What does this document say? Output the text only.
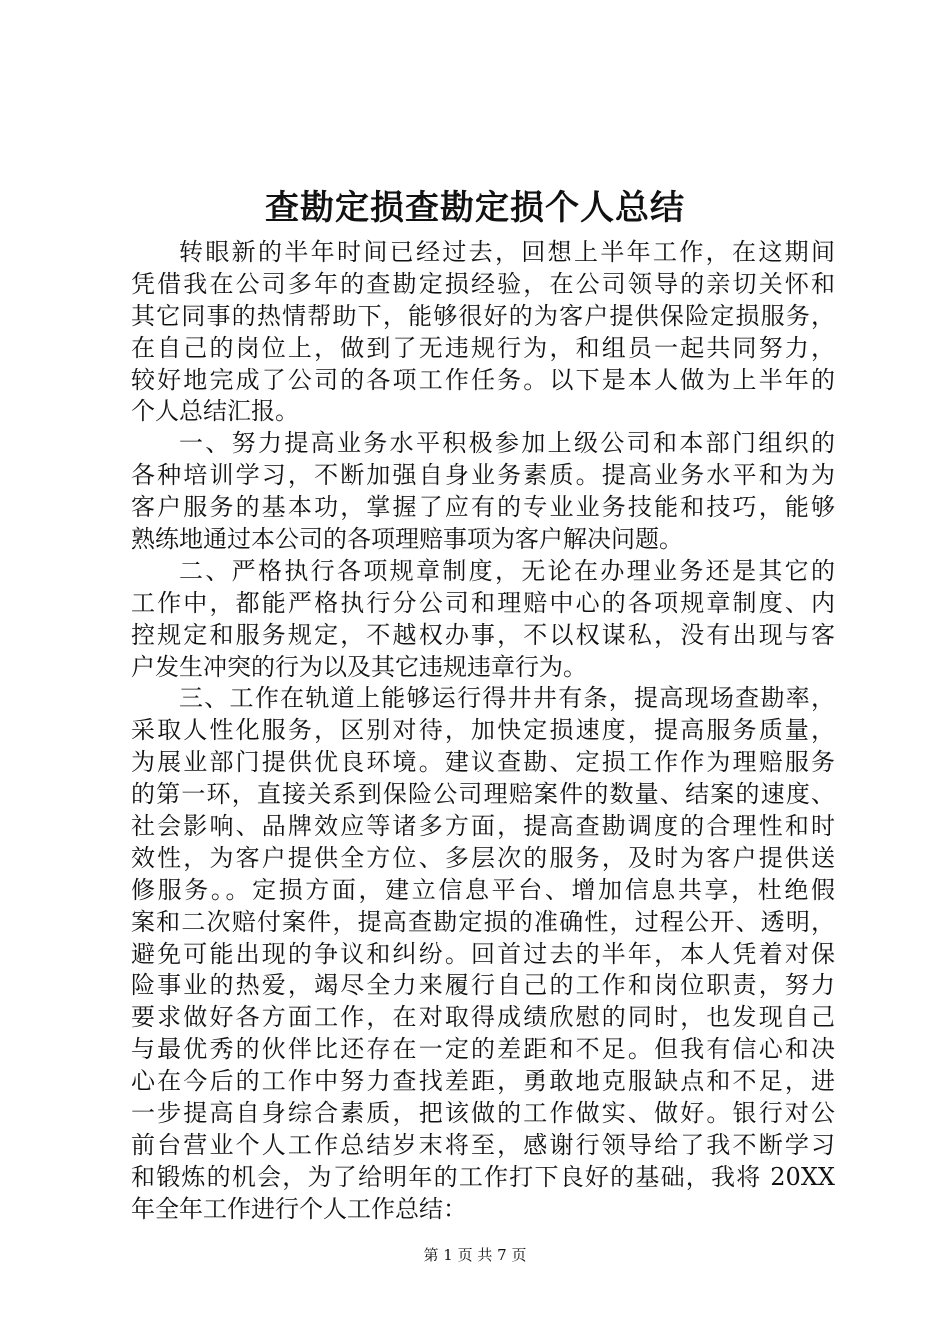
查勘定损查勘定损个人总结
转眼新的半年时间已经过去，回想上半年工作，在这期间
凭借我在公司多年的查勘定损经验，在公司领导的亲切关怀和
其它同事的热情帮助下，能够很好的为客户提供保险定损服务，
在自己的岗位上，做到了无违规行为，和组员一起共同努力，
较好地完成了公司的各项工作任务。以下是本人做为上半年的
个人总结汇报。
一、努力提高业务水平积极参加上级公司和本部门组织的
各种培训学习，不断加强自身业务素质。提高业务水平和为为
客户服务的基本功，掌握了应有的专业业务技能和技巧，能够
熟练地通过本公司的各项理赔事项为客户解决问题。
二、严格执行各项规章制度，无论在办理业务还是其它的
工作中，都能严格执行分公司和理赔中心的各项规章制度、内
控规定和服务规定，不越权办事，不以权谋私，没有出现与客
户发生冲突的行为以及其它违规违章行为。
三、工作在轨道上能够运行得井井有条，提高现场查勘率，
采取人性化服务，区别对待，加快定损速度，提高服务质量，
为展业部门提供优良环境。建议查勘、定损工作作为理赔服务
的第一环，直接关系到保险公司理赔案件的数量、结案的速度、
社会影响、品牌效应等诸多方面，提高查勘调度的合理性和时
效性，为客户提供全方位、多层次的服务，及时为客户提供送
修服务。。定损方面，建立信息平台、增加信息共享，杜绝假
案和二次赔付案件，提高查勘定损的准确性，过程公开、透明，
避免可能出现的争议和纠纷。回首过去的半年，本人凭着对保
险事业的热爱，竭尽全力来履行自己的工作和岗位职责，努力
要求做好各方面工作，在对取得成绩欣慰的同时，也发现自己
与最优秀的伙伴比还存在一定的差距和不足。但我有信心和决
心在今后的工作中努力查找差距，勇敢地克服缺点和不足，进
一步提高自身综合素质，把该做的工作做实、做好。银行对公
前台营业个人工作总结岁末将至，感谢行领导给了我不断学习
和锻炼的机会，为了给明年的工作打下良好的基础，我将 20XX
年全年工作进行个人工作总结：
第 1 页 共 7 页
